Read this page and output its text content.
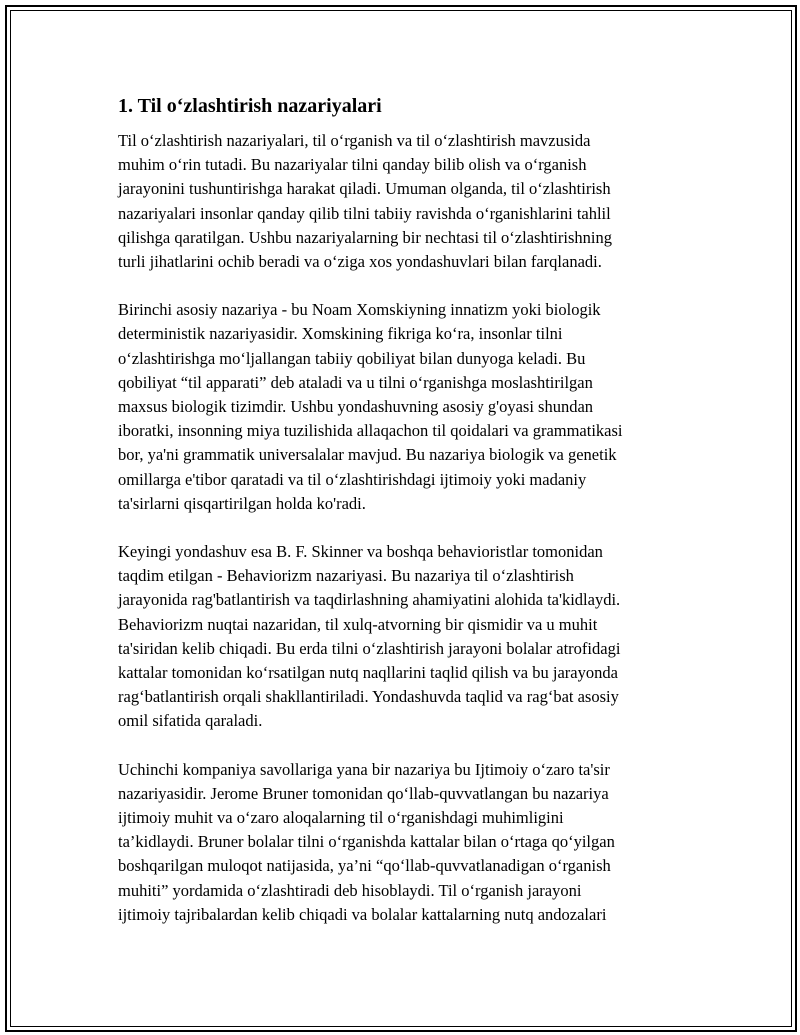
1. Til o‘zlashtirish nazariyalari

Til o‘zlashtirish nazariyalari, til o‘rganish va til o‘zlashtirish mavzusida
muhim o‘rin tutadi. Bu nazariyalar tilni qanday bilib olish va o‘rganish
jarayonini tushuntirishga harakat qiladi. Umuman olganda, til o‘zlashtirish
nazariyalari insonlar qanday qilib tilni tabiiy ravishda o‘rganishlarini tahlil
qilishga qaratilgan. Ushbu nazariyalarning bir nechtasi til o‘zlashtirishning
turli jihatlarini ochib beradi va o‘ziga xos yondashuvlari bilan farqlanadi.

Birinchi asosiy nazariya - bu Noam Xomskiyning innatizm yoki biologik
deterministik nazariyasidir. Xomskining fikriga ko‘ra, insonlar tilni
o‘zlashtirishga mo‘ljallangan tabiiy qobiliyat bilan dunyoga keladi. Bu
qobiliyat “til apparati” deb ataladi va u tilni o‘rganishga moslashtirilgan
maxsus biologik tizimdir. Ushbu yondashuvning asosiy g'oyasi shundan
iboratki, insonning miya tuzilishida allaqachon til qoidalari va grammatikasi
bor, ya'ni grammatik universalalar mavjud. Bu nazariya biologik va genetik
omillarga e'tibor qaratadi va til o‘zlashtirishdagi ijtimoiy yoki madaniy
ta'sirlarni qisqartirilgan holda ko'radi.

Keyingi yondashuv esa B. F. Skinner va boshqa behavioristlar tomonidan
taqdim etilgan - Behaviorizm nazariyasi. Bu nazariya til o‘zlashtirish
jarayonida rag'batlantirish va taqdirlashning ahamiyatini alohida ta'kidlaydi.
Behaviorizm nuqtai nazaridan, til xulq-atvorning bir qismidir va u muhit
ta'siridan kelib chiqadi. Bu erda tilni o‘zlashtirish jarayoni bolalar atrofidagi
kattalar tomonidan ko‘rsatilgan nutq naqllarini taqlid qilish va bu jarayonda
rag‘batlantirish orqali shakllantiriladi. Yondashuvda taqlid va rag‘bat asosiy
omil sifatida qaraladi.

Uchinchi kompaniya savollariga yana bir nazariya bu Ijtimoiy o‘zaro ta'sir
nazariyasidir. Jerome Bruner tomonidan qo‘llab-quvvatlangan bu nazariya
ijtimoiy muhit va o‘zaro aloqalarning til o‘rganishdagi muhimligini
ta’kidlaydi. Bruner bolalar tilni o‘rganishda kattalar bilan o‘rtaga qo‘yilgan
boshqarilgan muloqot natijasida, ya’ni “qo‘llab-quvvatlanadigan o‘rganish
muhiti” yordamida o‘zlashtiradi deb hisoblaydi. Til o‘rganish jarayoni
ijtimoiy tajribalardan kelib chiqadi va bolalar kattalarning nutq andozalari
